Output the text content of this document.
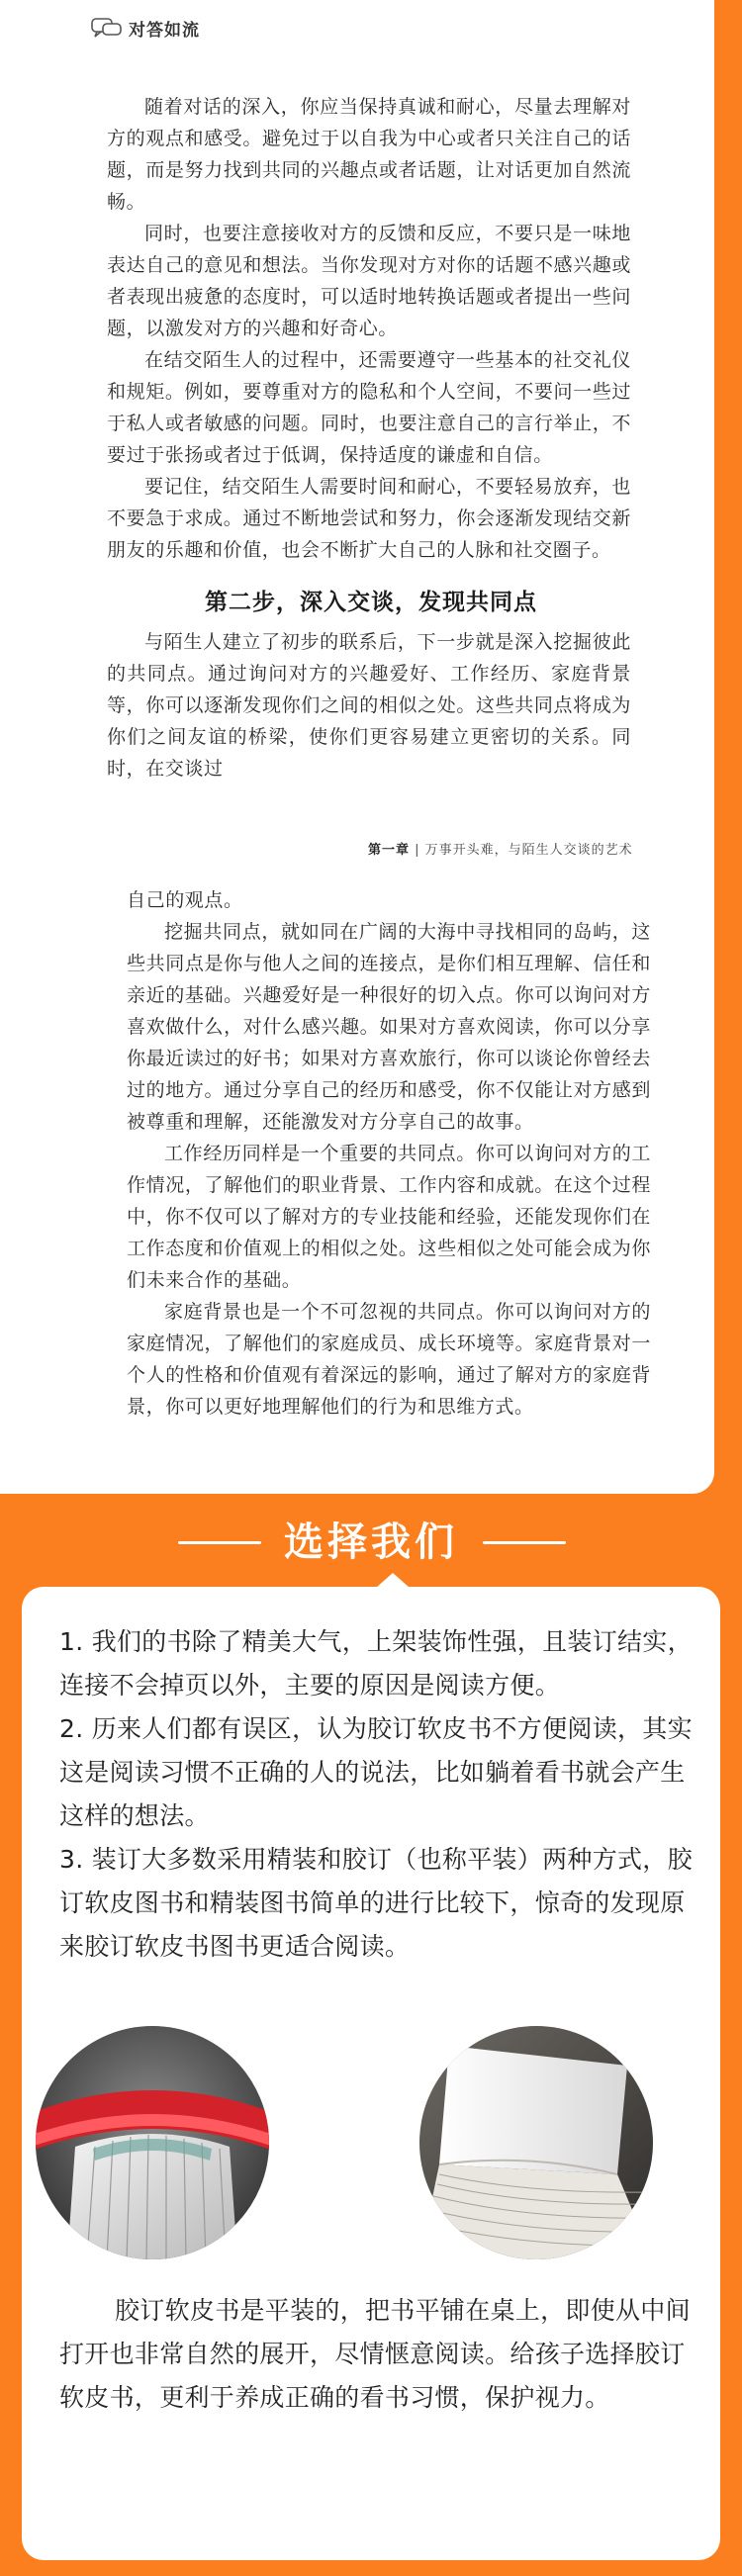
对答如流

随着对话的深入，你应当保持真诚和耐心，尽量去理解对方的观点和感受。避免过于以自我为中心或者只关注自己的话题，而是努力找到共同的兴趣点或者话题，让对话更加自然流畅。

同时，也要注意接收对方的反馈和反应，不要只是一味地表达自己的意见和想法。当你发现对方对你的话题不感兴趣或者表现出疲惫的态度时，可以适时地转换话题或者提出一些问题，以激发对方的兴趣和好奇心。

在结交陌生人的过程中，还需要遵守一些基本的社交礼仪和规矩。例如，要尊重对方的隐私和个人空间，不要问一些过于私人或者敏感的问题。同时，也要注意自己的言行举止，不要过于张扬或者过于低调，保持适度的谦虚和自信。

要记住，结交陌生人需要时间和耐心，不要轻易放弃，也不要急于求成。通过不断地尝试和努力，你会逐渐发现结交新朋友的乐趣和价值，也会不断扩大自己的人脉和社交圈子。

第二步，深入交谈，发现共同点

与陌生人建立了初步的联系后，下一步就是深入挖掘彼此的共同点。通过询问对方的兴趣爱好、工作经历、家庭背景等，你可以逐渐发现你们之间的相似之处。这些共同点将成为你们之间友谊的桥梁，使你们更容易建立更密切的关系。同时，在交谈过

第一章 | 万事开头难，与陌生人交谈的艺术

自己的观点。

挖掘共同点，就如同在广阔的大海中寻找相同的岛屿，这些共同点是你与他人之间的连接点，是你们相互理解、信任和亲近的基础。兴趣爱好是一种很好的切入点。你可以询问对方喜欢做什么，对什么感兴趣。如果对方喜欢阅读，你可以分享你最近读过的好书；如果对方喜欢旅行，你可以谈论你曾经去过的地方。通过分享自己的经历和感受，你不仅能让对方感到被尊重和理解，还能激发对方分享自己的故事。

工作经历同样是一个重要的共同点。你可以询问对方的工作情况，了解他们的职业背景、工作内容和成就。在这个过程中，你不仅可以了解对方的专业技能和经验，还能发现你们在工作态度和价值观上的相似之处。这些相似之处可能会成为你们未来合作的基础。

家庭背景也是一个不可忽视的共同点。你可以询问对方的家庭情况，了解他们的家庭成员、成长环境等。家庭背景对一个人的性格和价值观有着深远的影响，通过了解对方的家庭背景，你可以更好地理解他们的行为和思维方式。

选择我们

1. 我们的书除了精美大气，上架装饰性强，且装订结实，连接不会掉页以外，主要的原因是阅读方便。

2. 历来人们都有误区，认为胶订软皮书不方便阅读，其实这是阅读习惯不正确的人的说法，比如躺着看书就会产生这样的想法。

3. 装订大多数采用精装和胶订（也称平装）两种方式，胶订软皮图书和精装图书简单的进行比较下，惊奇的发现原来胶订软皮书图书更适合阅读。

胶订软皮书是平装的，把书平铺在桌上，即使从中间打开也非常自然的展开，尽情惬意阅读。给孩子选择胶订软皮书，更利于养成正确的看书习惯，保护视力。
